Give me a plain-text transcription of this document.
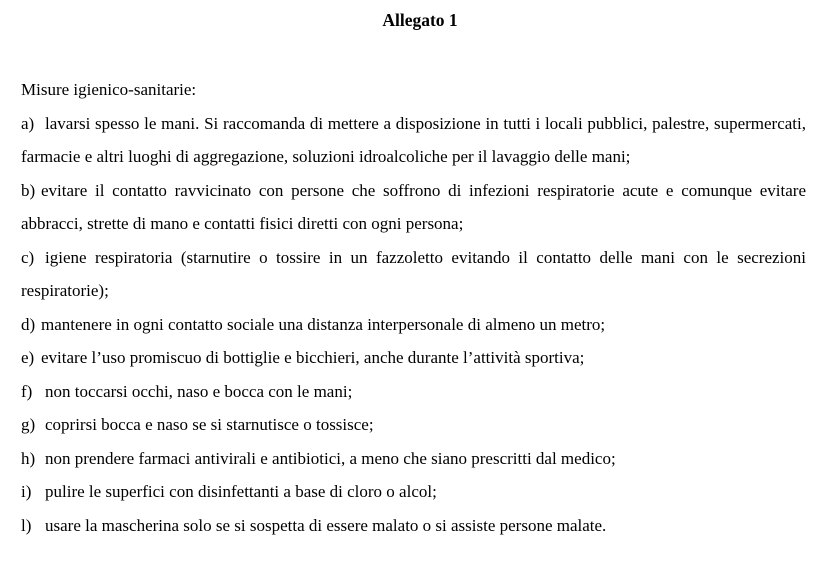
Allegato 1

Misure igienico-sanitarie:

a) lavarsi spesso le mani. Si raccomanda di mettere a disposizione in tutti i locali pubblici, palestre, supermercati, farmacie e altri luoghi di aggregazione, soluzioni idroalcoliche per il lavaggio delle mani;
b) evitare il contatto ravvicinato con persone che soffrono di infezioni respiratorie acute e comunque evitare abbracci, strette di mano e contatti fisici diretti con ogni persona;
c) igiene respiratoria (starnutire o tossire in un fazzoletto evitando il contatto delle mani con le secrezioni respiratorie);
d) mantenere in ogni contatto sociale una distanza interpersonale di almeno un metro;
e) evitare l’uso promiscuo di bottiglie e bicchieri, anche durante l’attività sportiva;
f) non toccarsi occhi, naso e bocca con le mani;
g) coprirsi bocca e naso se si starnutisce o tossisce;
h) non prendere farmaci antivirali e antibiotici, a meno che siano prescritti dal medico;
i) pulire le superfici con disinfettanti a base di cloro o alcol;
l) usare la mascherina solo se si sospetta di essere malato o si assiste persone malate.
